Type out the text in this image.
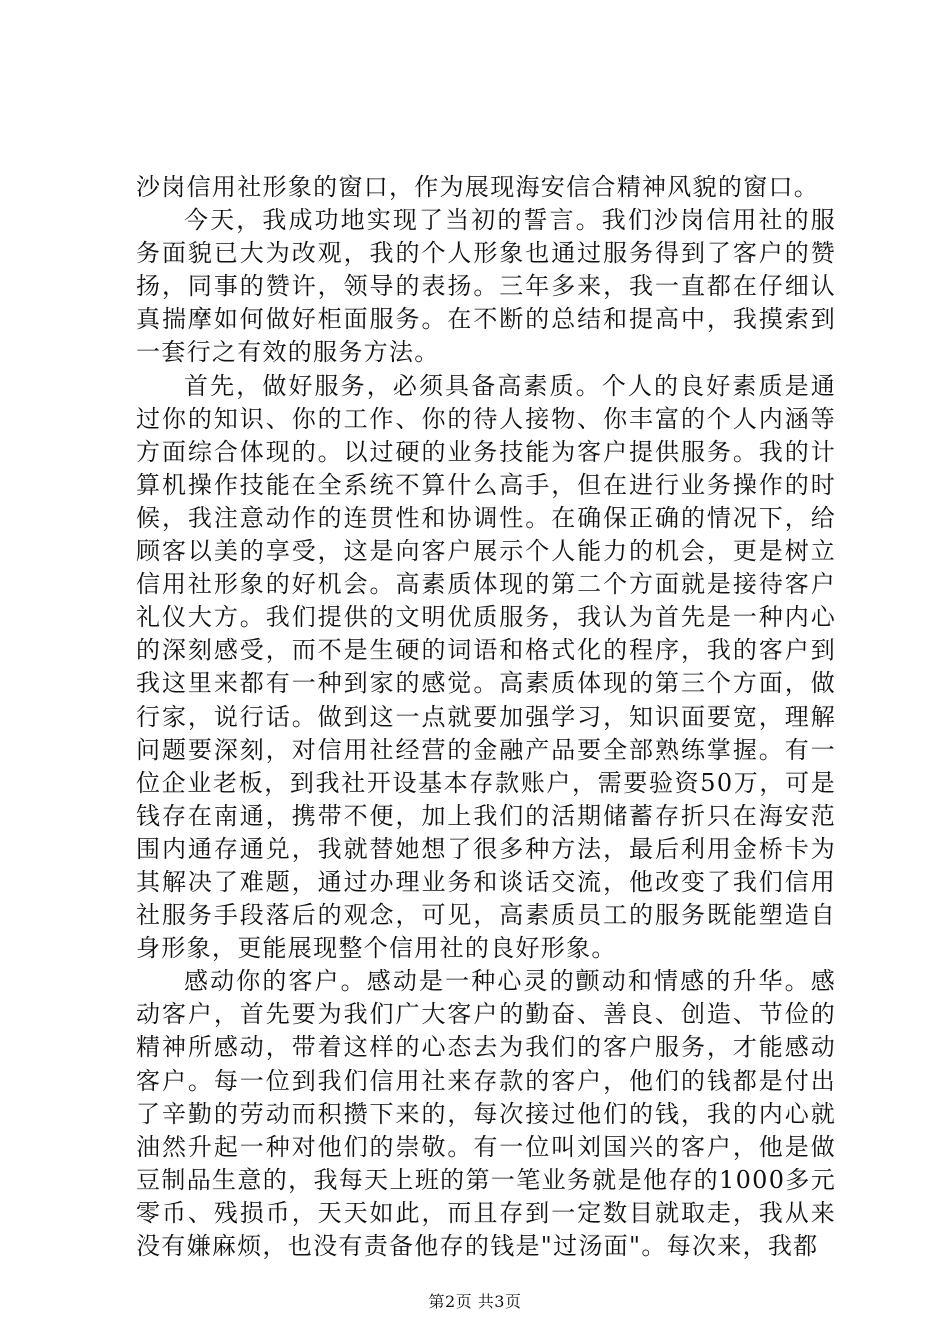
沙岗信用社形象的窗口，作为展现海安信合精神风貌的窗口。

今天，我成功地实现了当初的誓言。我们沙岗信用社的服务面貌已大为改观，我的个人形象也通过服务得到了客户的赞扬，同事的赞许，领导的表扬。三年多来，我一直都在仔细认真揣摩如何做好柜面服务。在不断的总结和提高中，我摸索到一套行之有效的服务方法。

首先，做好服务，必须具备高素质。个人的良好素质是通过你的知识、你的工作、你的待人接物、你丰富的个人内涵等方面综合体现的。以过硬的业务技能为客户提供服务。我的计算机操作技能在全系统不算什么高手，但在进行业务操作的时候，我注意动作的连贯性和协调性。在确保正确的情况下，给顾客以美的享受，这是向客户展示个人能力的机会，更是树立信用社形象的好机会。高素质体现的第二个方面就是接待客户礼仪大方。我们提供的文明优质服务，我认为首先是一种内心的深刻感受，而不是生硬的词语和格式化的程序，我的客户到我这里来都有一种到家的感觉。高素质体现的第三个方面，做行家，说行话。做到这一点就要加强学习，知识面要宽，理解问题要深刻，对信用社经营的金融产品要全部熟练掌握。有一位企业老板，到我社开设基本存款账户，需要验资50万，可是钱存在南通，携带不便，加上我们的活期储蓄存折只在海安范围内通存通兑，我就替她想了很多种方法，最后利用金桥卡为其解决了难题，通过办理业务和谈话交流，他改变了我们信用社服务手段落后的观念，可见，高素质员工的服务既能塑造自身形象，更能展现整个信用社的良好形象。

感动你的客户。感动是一种心灵的颤动和情感的升华。感动客户，首先要为我们广大客户的勤奋、善良、创造、节俭的精神所感动，带着这样的心态去为我们的客户服务，才能感动客户。每一位到我们信用社来存款的客户，他们的钱都是付出了辛勤的劳动而积攒下来的，每次接过他们的钱，我的内心就油然升起一种对他们的崇敬。有一位叫刘国兴的客户，他是做豆制品生意的，我每天上班的第一笔业务就是他存的1000多元零币、残损币，天天如此，而且存到一定数目就取走，我从来没有嫌麻烦，也没有责备他存的钱是"过汤面"。每次来，我都

第2页 共3页
